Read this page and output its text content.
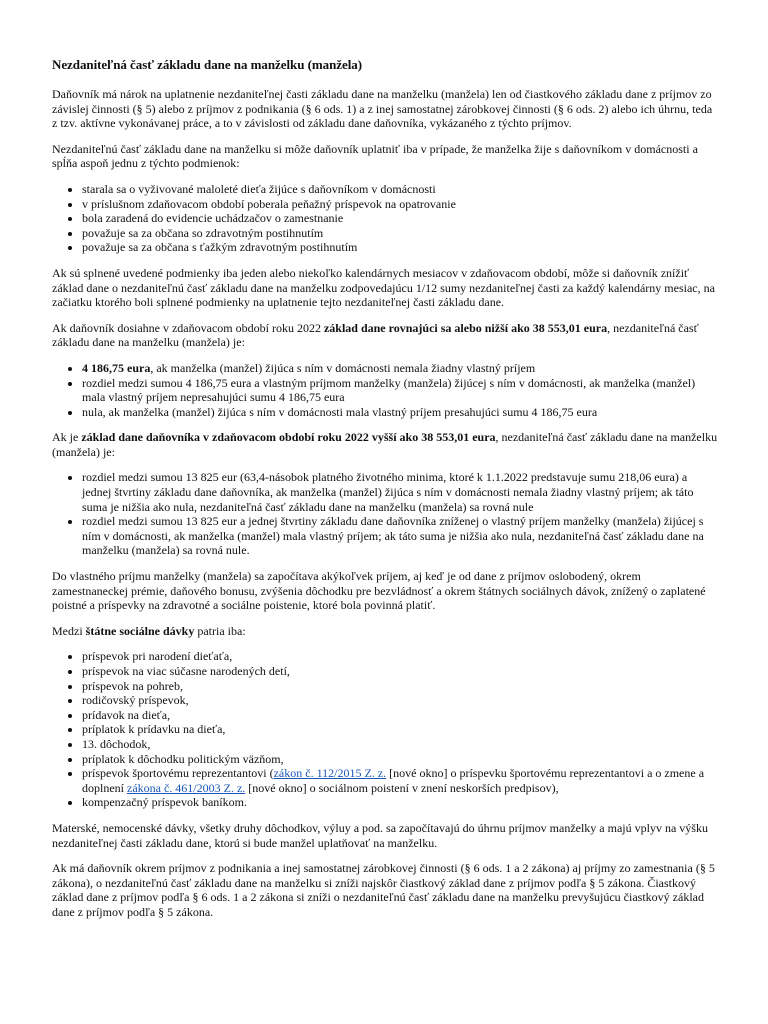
Nezdaniteľná časť základu dane na manželku (manžela)

Daňovník má nárok na uplatnenie nezdaniteľnej časti základu dane na manželku (manžela) len od čiastkového základu dane z príjmov zo závislej činnosti (§ 5) alebo z príjmov z podnikania (§ 6 ods. 1) a z inej samostatnej zárobkovej činnosti (§ 6 ods. 2) alebo ich úhrnu, teda z tzv. aktívne vykonávanej práce, a to v závislosti od základu dane daňovníka, vykázaného z týchto príjmov.

Nezdaniteľnú časť základu dane na manželku si môže daňovník uplatniť iba v prípade, že manželka žije s daňovníkom v domácnosti a spĺňa aspoň jednu z týchto podmienok:

• starala sa o vyživované maloleté dieťa žijúce s daňovníkom v domácnosti
• v príslušnom zdaňovacom období poberala peňažný príspevok na opatrovanie
• bola zaradená do evidencie uchádzačov o zamestnanie
• považuje sa za občana so zdravotným postihnutím
• považuje sa za občana s ťažkým zdravotným postihnutím

Ak sú splnené uvedené podmienky iba jeden alebo niekoľko kalendárnych mesiacov v zdaňovacom období, môže si daňovník znížiť základ dane o nezdaniteľnú časť základu dane na manželku zodpovedajúcu 1/12 sumy nezdaniteľnej časti za každý kalendárny mesiac, na začiatku ktorého boli splnené podmienky na uplatnenie tejto nezdaniteľnej časti základu dane.

Ak daňovník dosiahne v zdaňovacom období roku 2022 základ dane rovnajúci sa alebo nižší ako 38 553,01 eura, nezdaniteľná časť základu dane na manželku (manžela) je:

• 4 186,75 eura, ak manželka (manžel) žijúca s ním v domácnosti nemala žiadny vlastný príjem
• rozdiel medzi sumou 4 186,75 eura a vlastným príjmom manželky (manžela) žijúcej s ním v domácnosti, ak manželka (manžel) mala vlastný príjem nepresahujúci sumu 4 186,75 eura
• nula, ak manželka (manžel) žijúca s ním v domácnosti mala vlastný príjem presahujúci sumu 4 186,75 eura

Ak je základ dane daňovníka v zdaňovacom období roku 2022 vyšší ako 38 553,01 eura, nezdaniteľná časť základu dane na manželku (manžela) je:

• rozdiel medzi sumou 13 825 eur (63,4-násobok platného životného minima, ktoré k 1.1.2022 predstavuje sumu 218,06 eura) a jednej štvrtiny základu dane daňovníka, ak manželka (manžel) žijúca s ním v domácnosti nemala žiadny vlastný príjem; ak táto suma je nižšia ako nula, nezdaniteľná časť základu dane na manželku (manžela) sa rovná nule
• rozdiel medzi sumou 13 825 eur a jednej štvrtiny základu dane daňovníka zníženej o vlastný príjem manželky (manžela) žijúcej s ním v domácnosti, ak manželka (manžel) mala vlastný príjem; ak táto suma je nižšia ako nula, nezdaniteľná časť základu dane na manželku (manžela) sa rovná nule.

Do vlastného príjmu manželky (manžela) sa započítava akýkoľvek príjem, aj keď je od dane z príjmov oslobodený, okrem zamestnaneckej prémie, daňového bonusu, zvýšenia dôchodku pre bezvládnosť a okrem štátnych sociálnych dávok, znížený o zaplatené poistné a príspevky na zdravotné a sociálne poistenie, ktoré bola povinná platiť.

Medzi štátne sociálne dávky patria iba:

• príspevok pri narodení dieťaťa,
• príspevok na viac súčasne narodených detí,
• príspevok na pohreb,
• rodičovský príspevok,
• prídavok na dieťa,
• príplatok k prídavku na dieťa,
• 13. dôchodok,
• príplatok k dôchodku politickým väzňom,
• príspevok športovému reprezentantovi (zákon č. 112/2015 Z. z. [nové okno] o príspevku športovému reprezentantovi a o zmene a doplnení zákona č. 461/2003 Z. z. [nové okno] o sociálnom poistení v znení neskorších predpisov),
• kompenzačný príspevok baníkom.

Materské, nemocenské dávky, všetky druhy dôchodkov, výluy a pod. sa započítavajú do úhrnu príjmov manželky a majú vplyv na výšku nezdaniteľnej časti základu dane, ktorú si bude manžel uplatňovať na manželku.

Ak má daňovník okrem príjmov z podnikania a inej samostatnej zárobkovej činnosti (§ 6 ods. 1 a 2 zákona) aj príjmy zo zamestnania (§ 5 zákona), o nezdaniteľnú časť základu dane na manželku si zníži najskôr čiastkový základ dane z príjmov podľa § 5 zákona. Čiastkový základ dane z príjmov podľa § 6 ods. 1 a 2 zákona si zníži o nezdaniteľnú časť základu dane na manželku prevyšujúcu čiastkový základ dane z príjmov podľa § 5 zákona.
